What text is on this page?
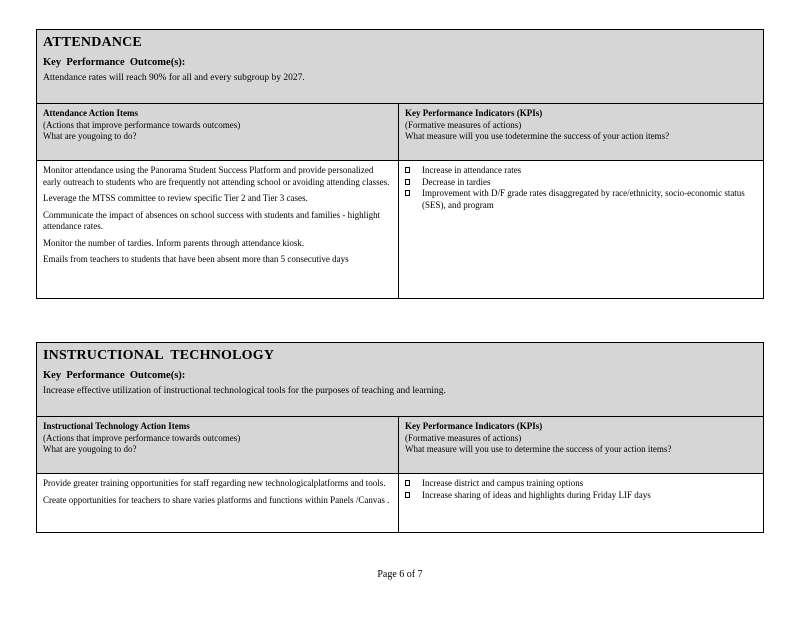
ATTENDANCE
Key  Performance  Outcome(s):
Attendance rates will reach 90% for all and every subgroup by 2027.
Attendance Action Items
(Actions that improve performance towards outcomes)
What are yougoing to do?
Key Performance Indicators (KPIs)
(Formative measures of actions)
What measure will you use todetermine the success of your action items?

Monitor attendance using the Panorama Student Success Platform and provide personalized early outreach to students who are frequently not attending school or avoiding attending classes.

Leverage the MTSS committee to review specific Tier 2 and Tier 3 cases.

Communicate the impact of absences on school success with students and families - highlight attendance rates.

Monitor the number of tardies. Inform parents through attendance kiosk.

Emails from teachers to students that have been absent more than 5 consecutive days

Increase in attendance rates
Decrease in tardies
Improvement with D/F grade rates disaggregated by race/ethnicity, socio-economic status (SES), and program
INSTRUCTIONAL  TECHNOLOGY
Key  Performance  Outcome(s):
Increase effective utilization of instructional technological tools for the purposes of teaching and learning.
Instructional Technology Action Items
(Actions that improve performance towards outcomes)
What are yougoing to do?
Key Performance Indicators (KPIs)
(Formative measures of actions)
What measure will you use to determine the success of your action items?

Provide greater training opportunities for staff regarding new technologicalplatforms and tools.

Create opportunities for teachers to share varies platforms and functions within Panels /Canvas .

Increase district and campus training options
Increase sharing of ideas and highlights during Friday LIF days
Page 6 of 7
